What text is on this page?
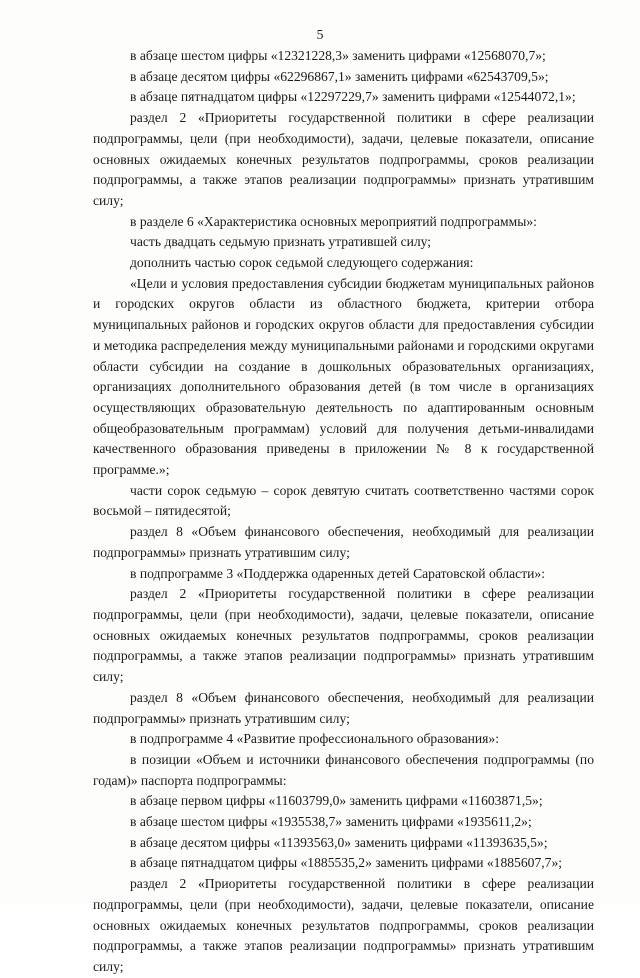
5

в абзаце шестом цифры «12321228,3» заменить цифрами «12568070,7»;

в абзаце десятом цифры «62296867,1» заменить цифрами «62543709,5»;

в абзаце пятнадцатом цифры «12297229,7» заменить цифрами «12544072,1»;

раздел 2 «Приоритеты государственной политики в сфере реализации подпрограммы, цели (при необходимости), задачи, целевые показатели, описание основных ожидаемых конечных результатов подпрограммы, сроков реализации подпрограммы, а также этапов реализации подпрограммы» признать утратившим силу;

в разделе 6 «Характеристика основных мероприятий подпрограммы»:

часть двадцать седьмую признать утратившей силу;

дополнить частью сорок седьмой следующего содержания:

«Цели и условия предоставления субсидии бюджетам муниципальных районов и городских округов области из областного бюджета, критерии отбора муниципальных районов и городских округов области для предоставления субсидии и методика распределения между муниципальными районами и городскими округами области субсидии на создание в дошкольных образовательных организациях, организациях дополнительного образования детей (в том числе в организациях осуществляющих образовательную деятельность по адаптированным основным общеобразовательным программам) условий для получения детьми-инвалидами качественного образования приведены в приложении № 8 к государственной программе.»;

части сорок седьмую – сорок девятую считать соответственно частями сорок восьмой – пятидесятой;

раздел 8 «Объем финансового обеспечения, необходимый для реализации подпрограммы» признать утратившим силу;

в подпрограмме 3 «Поддержка одаренных детей Саратовской области»:

раздел 2 «Приоритеты государственной политики в сфере реализации подпрограммы, цели (при необходимости), задачи, целевые показатели, описание основных ожидаемых конечных результатов подпрограммы, сроков реализации подпрограммы, а также этапов реализации подпрограммы» признать утратившим силу;

раздел 8 «Объем финансового обеспечения, необходимый для реализации подпрограммы» признать утратившим силу;

в подпрограмме 4 «Развитие профессионального образования»:

в позиции «Объем и источники финансового обеспечения подпрограммы (по годам)» паспорта подпрограммы:

в абзаце первом цифры «11603799,0» заменить цифрами «11603871,5»;

в абзаце шестом цифры «1935538,7» заменить цифрами «1935611,2»;

в абзаце десятом цифры «11393563,0» заменить цифрами «11393635,5»;

в абзаце пятнадцатом цифры «1885535,2» заменить цифрами «1885607,7»;

раздел 2 «Приоритеты государственной политики в сфере реализации подпрограммы, цели (при необходимости), задачи, целевые показатели, описание основных ожидаемых конечных результатов подпрограммы, сроков реализации подпрограммы, а также этапов реализации подпрограммы» признать утратившим силу;
